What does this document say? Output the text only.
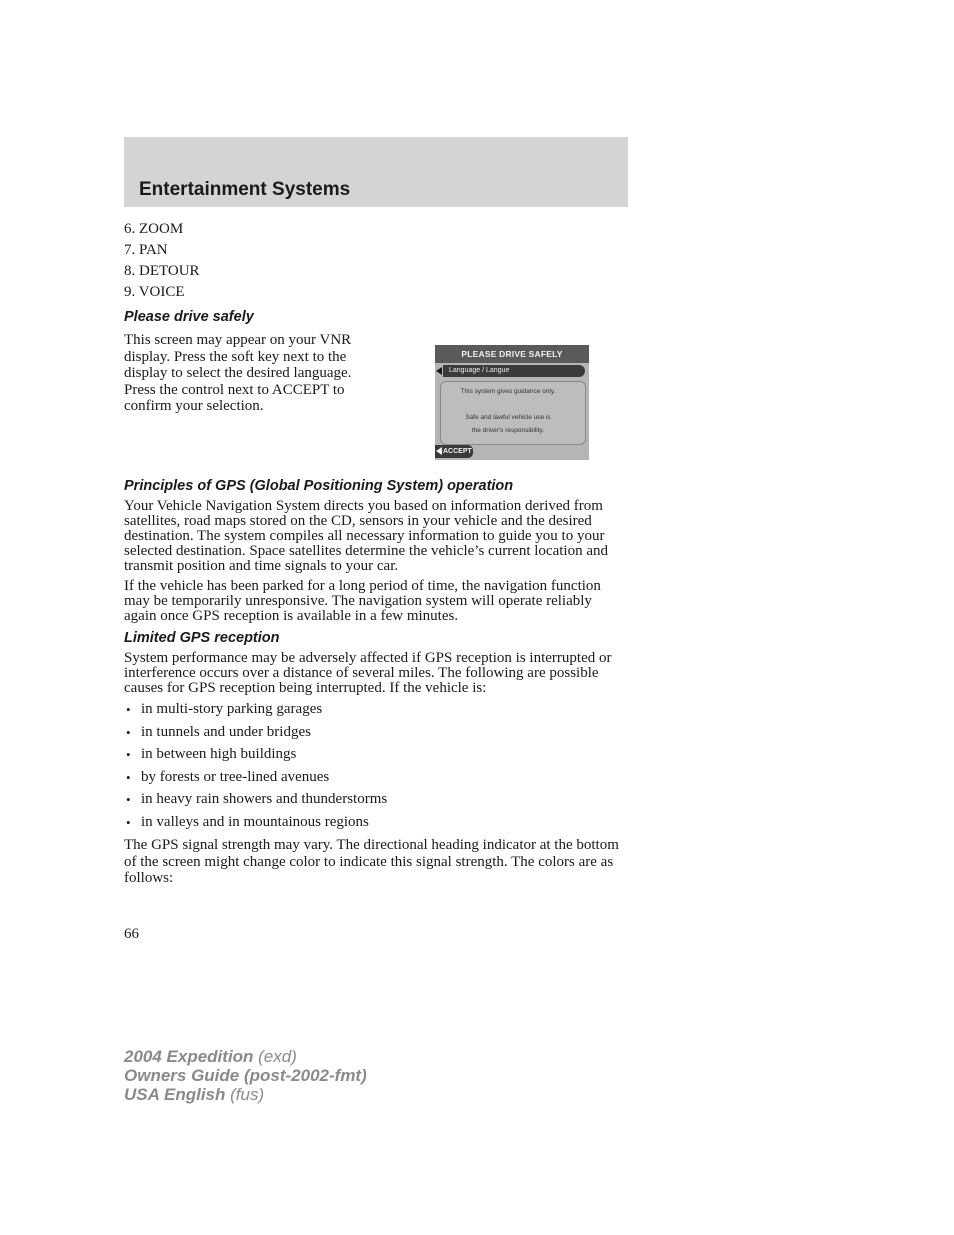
Entertainment Systems
6. ZOOM
7. PAN
8. DETOUR
9. VOICE
Please drive safely

This screen may appear on your VNR display. Press the soft key next to the display to select the desired language. Press the control next to ACCEPT to confirm your selection.

PLEASE DRIVE SAFELY
Language / Langue
This system gives guidance only.
Safe and lawful vehicle use is
the driver's responsibility.
ACCEPT
Principles of GPS (Global Positioning System) operation

Your Vehicle Navigation System directs you based on information derived from satellites, road maps stored on the CD, sensors in your vehicle and the desired destination. The system compiles all necessary information to guide you to your selected destination. Space satellites determine the vehicle’s current location and transmit position and time signals to your car.

If the vehicle has been parked for a long period of time, the navigation function may be temporarily unresponsive. The navigation system will operate reliably again once GPS reception is available in a few minutes.

Limited GPS reception

System performance may be adversely affected if GPS reception is interrupted or interference occurs over a distance of several miles. The following are possible causes for GPS reception being interrupted. If the vehicle is:

• in multi-story parking garages
• in tunnels and under bridges
• in between high buildings
• by forests or tree-lined avenues
• in heavy rain showers and thunderstorms
• in valleys and in mountainous regions

The GPS signal strength may vary. The directional heading indicator at the bottom of the screen might change color to indicate this signal strength. The colors are as follows:

66
2004 Expedition (exd)
Owners Guide (post-2002-fmt)
USA English (fus)
